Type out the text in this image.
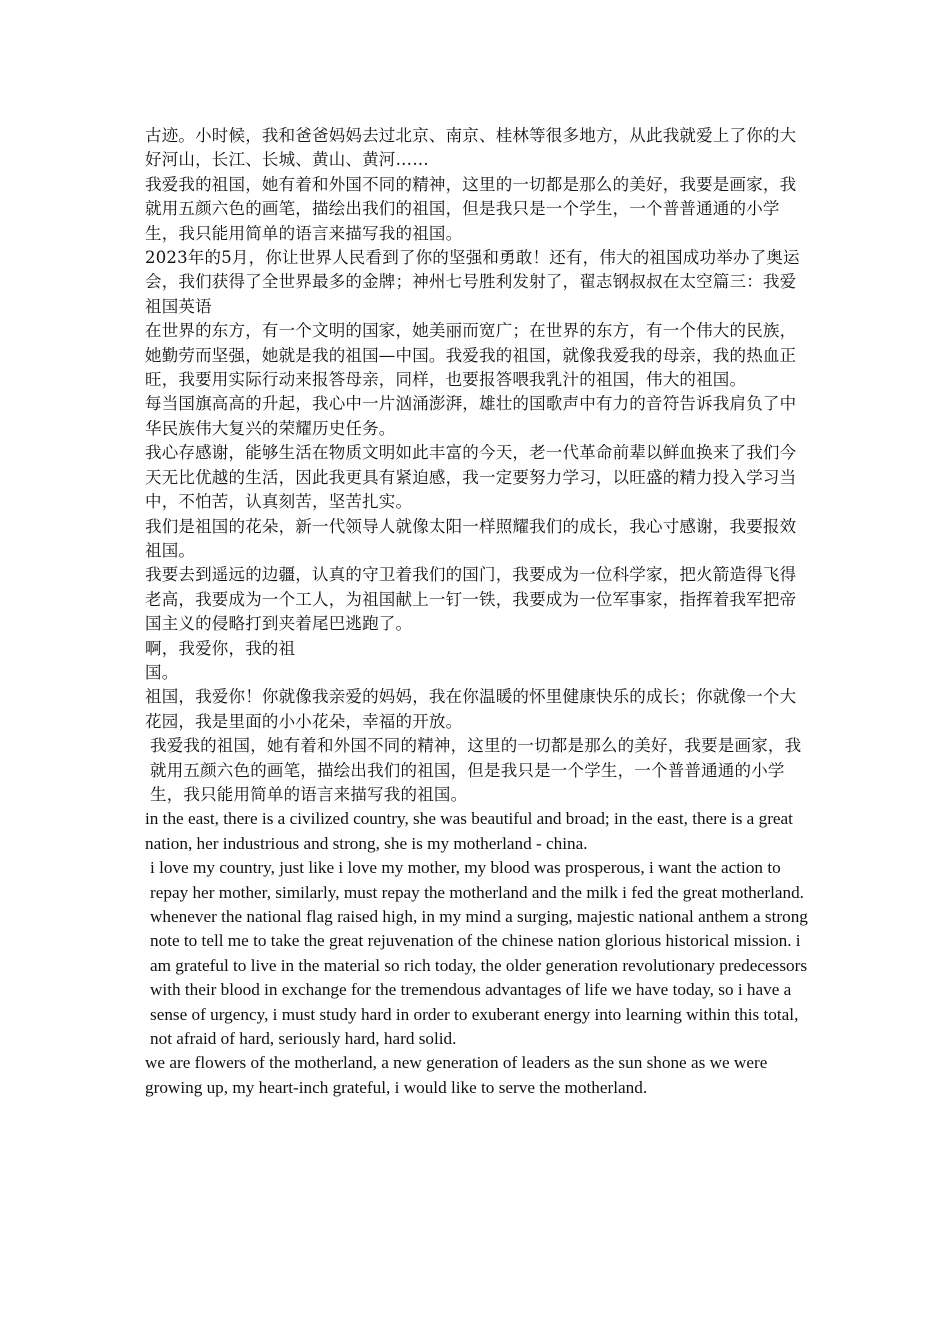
古迹。小时候，我和爸爸妈妈去过北京、南京、桂林等很多地方，从此我就爱上了你的大好河山，长江、长城、黄山、黄河……

我爱我的祖国，她有着和外国不同的精神，这里的一切都是那么的美好，我要是画家，我就用五颜六色的画笔，描绘出我们的祖国，但是我只是一个学生，一个普普通通的小学生，我只能用简单的语言来描写我的祖国。

2023年的5月，你让世界人民看到了你的坚强和勇敢！还有，伟大的祖国成功举办了奥运会，我们获得了全世界最多的金牌；神州七号胜利发射了，翟志钢叔叔在太空篇三：我爱祖国英语

在世界的东方，有一个文明的国家，她美丽而宽广；在世界的东方，有一个伟大的民族，她勤劳而坚强，她就是我的祖国—中国。我爱我的祖国，就像我爱我的母亲，我的热血正旺，我要用实际行动来报答母亲，同样，也要报答喂我乳汁的祖国，伟大的祖国。

每当国旗高高的升起，我心中一片汹涌澎湃，雄壮的国歌声中有力的音符告诉我肩负了中华民族伟大复兴的荣耀历史任务。

我心存感谢，能够生活在物质文明如此丰富的今天，老一代革命前辈以鲜血换来了我们今天无比优越的生活，因此我更具有紧迫感，我一定要努力学习，以旺盛的精力投入学习当中，不怕苦，认真刻苦，坚苦扎实。

我们是祖国的花朵，新一代领导人就像太阳一样照耀我们的成长，我心寸感谢，我要报效祖国。

我要去到遥远的边疆，认真的守卫着我们的国门，我要成为一位科学家，把火箭造得飞得老高，我要成为一个工人，为祖国献上一钉一铁，我要成为一位军事家，指挥着我军把帝国主义的侵略打到夹着尾巴逃跑了。

啊，我爱你，我的祖

国。

祖国，我爱你！你就像我亲爱的妈妈，我在你温暖的怀里健康快乐的成长；你就像一个大花园，我是里面的小小花朵，幸福的开放。

我爱我的祖国，她有着和外国不同的精神，这里的一切都是那么的美好，我要是画家，我就用五颜六色的画笔，描绘出我们的祖国，但是我只是一个学生，一个普普通通的小学生，我只能用简单的语言来描写我的祖国。

in the east, there is a civilized country, she was beautiful and broad; in the east, there is a great nation, her industrious and strong, she is my motherland - china.

i love my country, just like i love my mother, my blood was prosperous, i want the action to repay her mother, similarly, must repay the motherland and the milk i fed the great motherland. whenever the national flag raised high, in my mind a surging, majestic national anthem a strong note to tell me to take the great rejuvenation of the chinese nation glorious historical mission. i am grateful to live in the material so rich today, the older generation revolutionary predecessors with their blood in exchange for the tremendous advantages of life we have today, so i have a sense of urgency, i must study hard in order to exuberant energy into learning within this total, not afraid of hard, seriously hard, hard solid.

we are flowers of the motherland, a new generation of leaders as the sun shone as we were growing up, my heart-inch grateful, i would like to serve the motherland.
